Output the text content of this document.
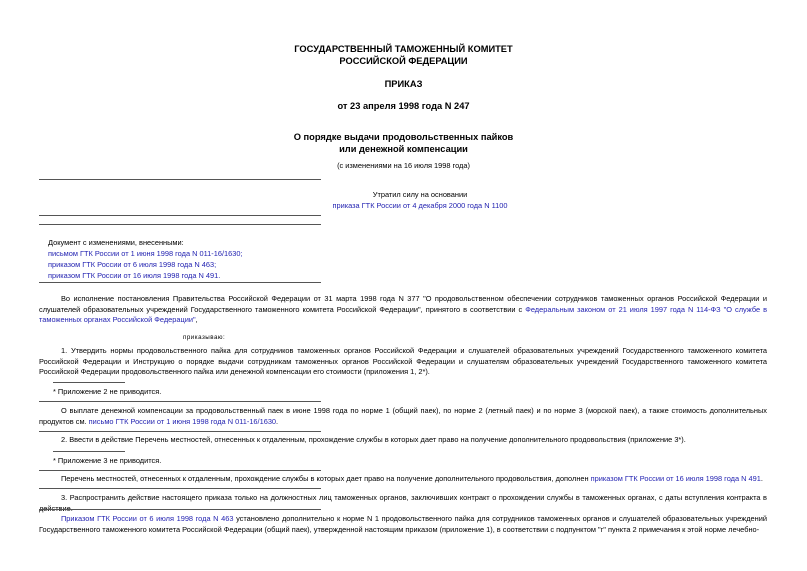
ГОСУДАРСТВЕННЫЙ ТАМОЖЕННЫЙ КОМИТЕТ
РОССИЙСКОЙ ФЕДЕРАЦИИ
ПРИКАЗ
от 23 апреля 1998 года N 247
О порядке выдачи продовольственных пайков
или денежной компенсации
(с изменениями на 16 июля 1998 года)
Утратил силу на основании
приказа ГТК России от 4 декабря 2000 года N 1100
Документ с изменениями, внесенными:
письмом ГТК России от 1 июня 1998 года N 011-16/1630;
приказом ГТК России от 6 июля 1998 года N 463;
приказом ГТК России от 16 июля 1998 года N 491.

Во исполнение постановления Правительства Российской Федерации от 31 марта 1998 года N 377 "О продовольственном обеспечении сотрудников таможенных органов Российской Федерации и слушателей образовательных учреждений Государственного таможенного комитета Российской Федерации", принятого в соответствии с Федеральным законом от 21 июля 1997 года N 114-ФЗ "О службе в таможенных органах Российской Федерации",

приказываю:

1. Утвердить нормы продовольственного пайка для сотрудников таможенных органов Российской Федерации и слушателей образовательных учреждений Государственного таможенного комитета Российской Федерации и Инструкцию о порядке выдачи сотрудникам таможенных органов Российской Федерации и слушателям образовательных учреждений Государственного таможенного комитета Российской Федерации продовольственного пайка или денежной компенсации его стоимости (приложения 1, 2*).

* Приложение 2 не приводится.

О выплате денежной компенсации за продовольственный паек в июне 1998 года по норме 1 (общий паек), по норме 2 (летный паек) и по норме 3 (морской паек), а также стоимость дополнительных продуктов см. письмо ГТК России от 1 июня 1998 года N 011-16/1630.

2. Ввести в действие Перечень местностей, отнесенных к отдаленным, прохождение службы в которых дает право на получение дополнительного продовольствия (приложение 3*).

* Приложение 3 не приводится.

Перечень местностей, отнесенных к отдаленным, прохождение службы в которых дает право на получение дополнительного продовольствия, дополнен приказом ГТК России от 16 июля 1998 года N 491.

3. Распространить действие настоящего приказа только на должностных лиц таможенных органов, заключивших контракт о прохождении службы в таможенных органах, с даты вступления контракта в действие.

Приказом ГТК России от 6 июля 1998 года N 463 установлено дополнительно к норме N 1 продовольственного пайка для сотрудников таможенных органов и слушателей образовательных учреждений Государственного таможенного комитета Российской Федерации (общий паек), утвержденной настоящим приказом (приложение 1), в соответствии с подпунктом "г" пункта 2 примечания к этой норме лечебно-
